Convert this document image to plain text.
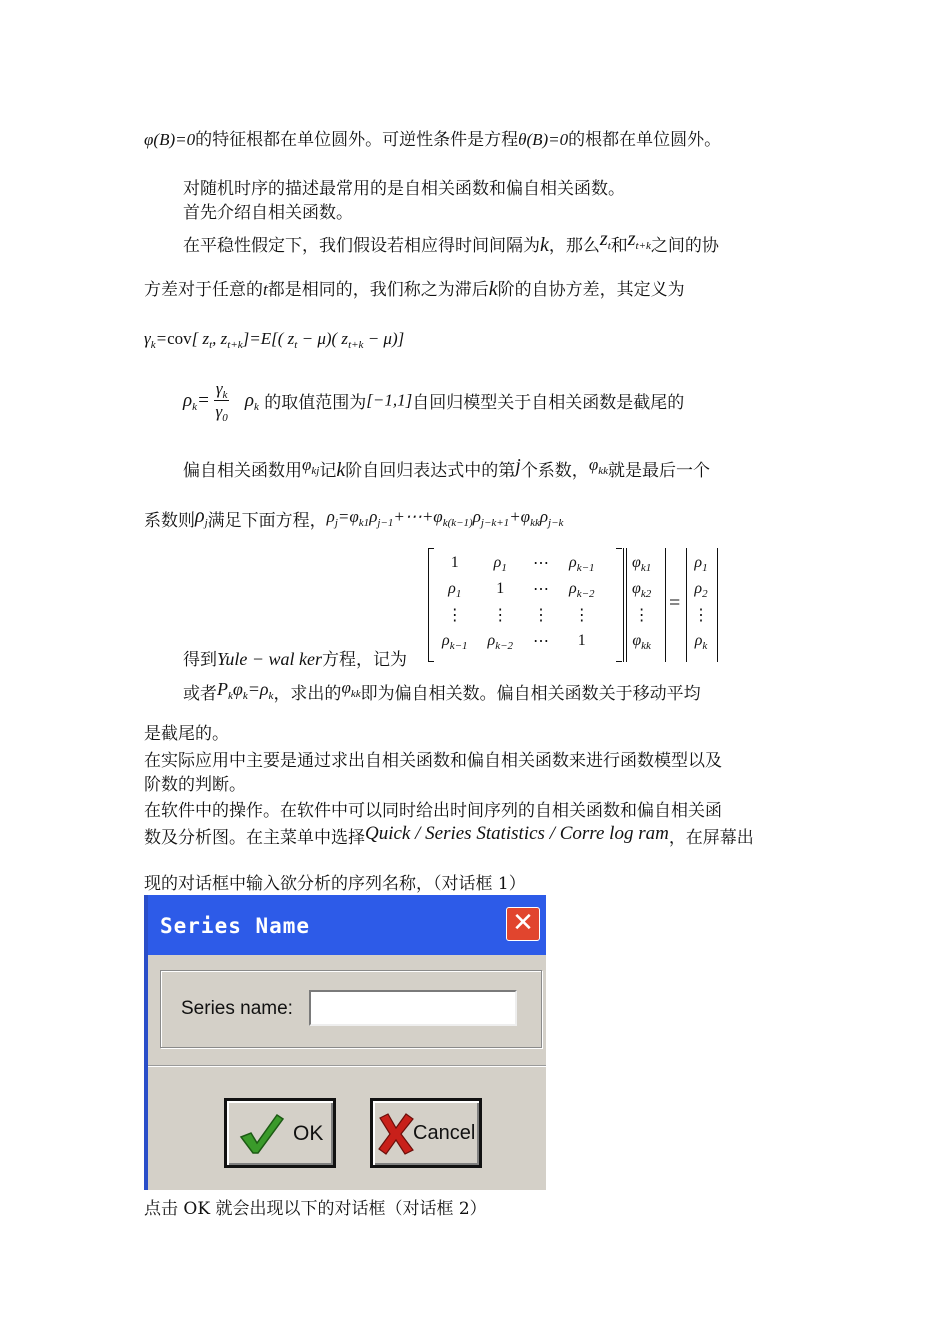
φ(B)=0的特征根都在单位圆外。可逆性条件是方程θ(B)=0的根都在单位圆外。
对随机时序的描述最常用的是自相关函数和偏自相关函数。
首先介绍自相关函数。
在平稳性假定下，我们假设若相应得时间间隔为k，那么$z_t$和$z_{t+k}$之间的协
方差对于任意的t都是相同的，我们称之为滞后k阶的自协方差，其定义为
$\gamma_k=cov$[ $z_t$, $z_{t+k}]=E$[( $z_t - \mu$)( $z_{t+k} - \mu$)]
$\rho_k= \frac{\gamma_k}{\gamma_0} \rho_k$ 的取值范围为[−1,1]自回归模型关于自相关函数是截尾的
偏自相关函数用$\varphi_{kj}$记k阶自回归表达式中的第j个系数，$\varphi_{kk}$就是最后一个
系数则$\rho_j$满足下面方程，$\rho_j=\varphi_{k1}\rho_{j-1}+\cdots+\varphi_{k(k-1)}\rho_{j-k+1}+\varphi_{kk}\rho_{j-k}$
1	$\rho_1$	⋯	$\rho_{k-1}$
$\rho_1$	1	⋯	$\rho_{k-2}$
⋮	⋮	⋮	⋮
$\rho_{k-1}$	$\rho_{k-2}$	⋯	1
$\varphi_{k1}$
$\varphi_{k2}$
⋮
$\varphi_{kk}$
=
$\rho_1$
$\rho_2$
⋮
$\rho_k$
得到Yule − wal ker方程，记为
或者$P_k\varphi_k=\rho_k$，求出的$\varphi_{kk}$即为偏自相关数。偏自相关函数关于移动平均
是截尾的。
在实际应用中主要是通过求出自相关函数和偏自相关函数来进行函数模型以及
阶数的判断。
在软件中的操作。在软件中可以同时给出时间序列的自相关函数和偏自相关函
数及分析图。在主菜单中选择Quick / Series Statistics / Corre log ram，在屏幕出
现的对话框中输入欲分析的序列名称，（对话框 1）
Series Name	✕
Series name:
OK	Cancel
点击 OK 就会出现以下的对话框（对话框 2）
